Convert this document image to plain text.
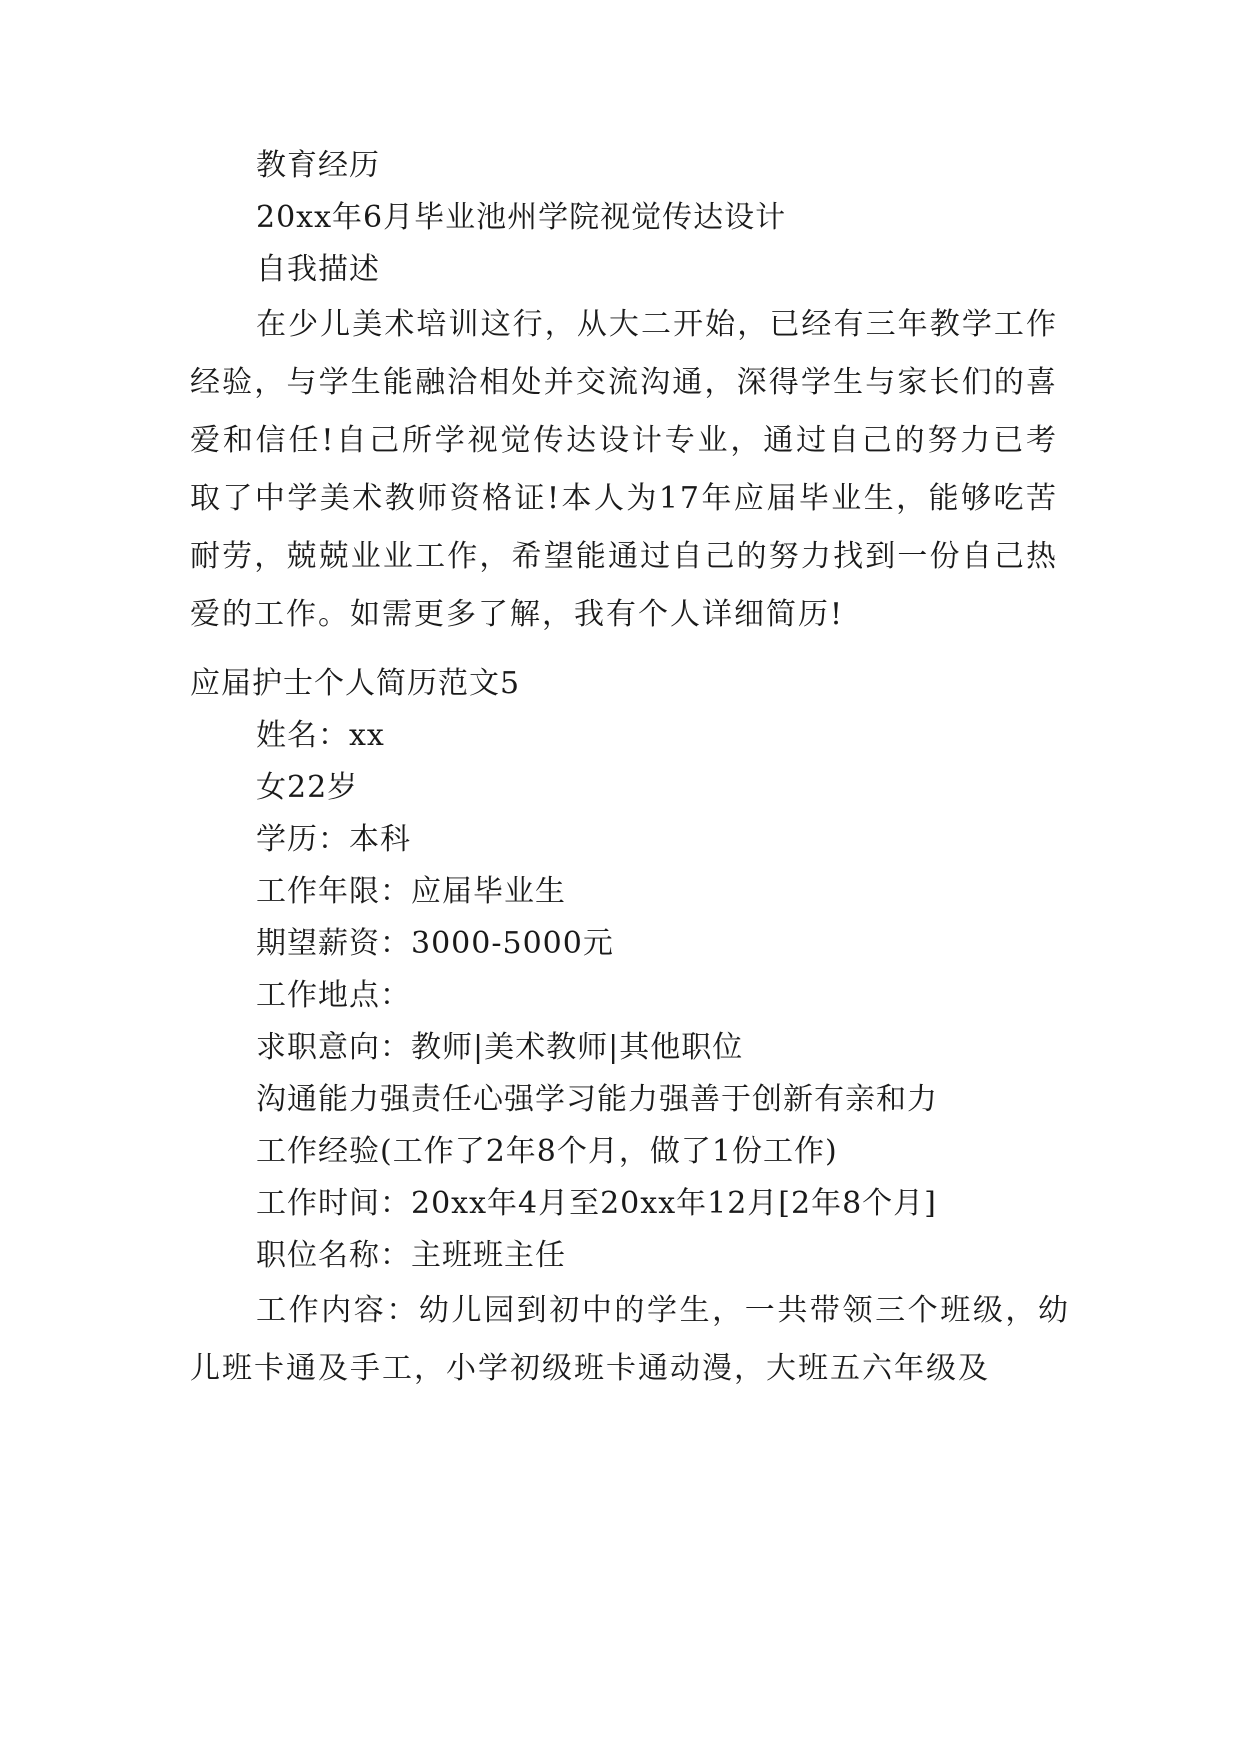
教育经历
20xx年6月毕业池州学院视觉传达设计
自我描述

在少儿美术培训这行，从大二开始，已经有三年教学工作经验，与学生能融洽相处并交流沟通，深得学生与家长们的喜爱和信任!自己所学视觉传达设计专业，通过自己的努力已考取了中学美术教师资格证!本人为17年应届毕业生，能够吃苦耐劳，兢兢业业工作，希望能通过自己的努力找到一份自己热爱的工作。如需更多了解，我有个人详细简历!

应届护士个人简历范文5
姓名：xx
女22岁
学历：本科
工作年限：应届毕业生
期望薪资：3000-5000元
工作地点：
求职意向：教师|美术教师|其他职位
沟通能力强责任心强学习能力强善于创新有亲和力
工作经验(工作了2年8个月，做了1份工作)
工作时间：20xx年4月至20xx年12月[2年8个月]
职位名称：主班班主任

工作内容：幼儿园到初中的学生，一共带领三个班级，幼儿班卡通及手工，小学初级班卡通动漫，大班五六年级及
